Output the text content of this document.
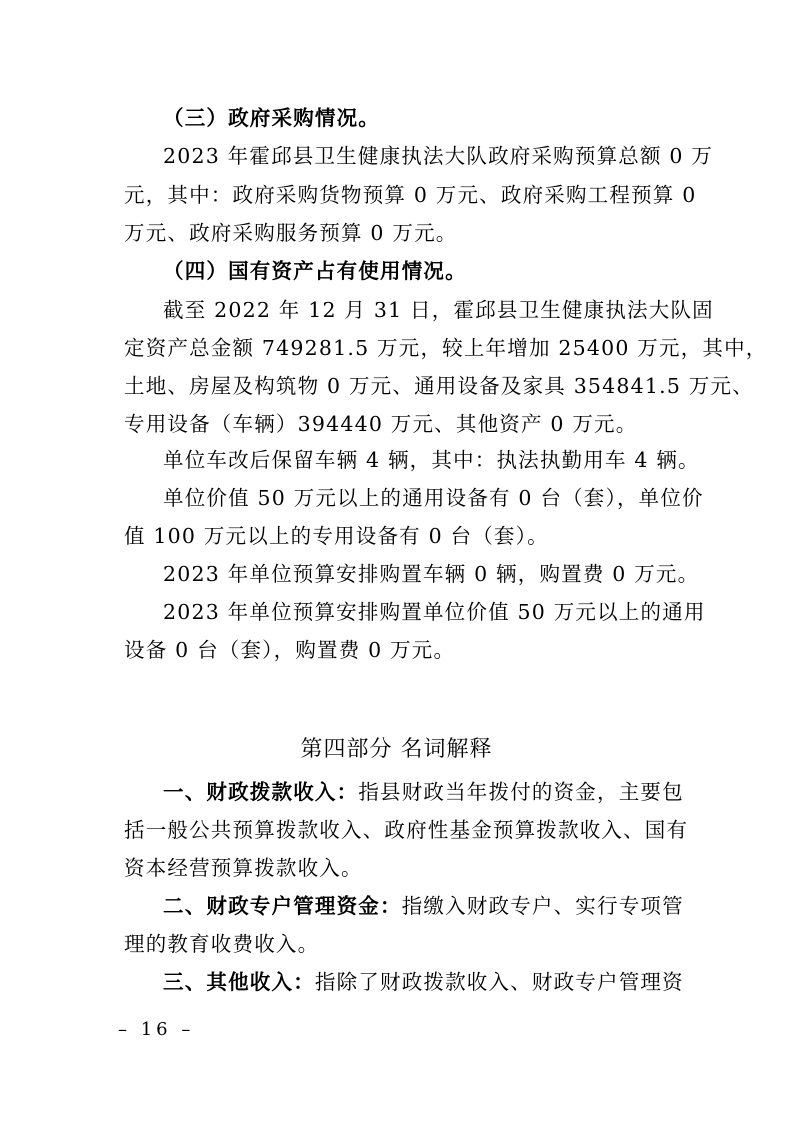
（三）政府采购情况。
2023 年霍邱县卫生健康执法大队政府采购预算总额 0 万
元，其中：政府采购货物预算 0 万元、政府采购工程预算 0
万元、政府采购服务预算 0 万元。
（四）国有资产占有使用情况。
截至 2022 年 12 月 31 日，霍邱县卫生健康执法大队固
定资产总金额 749281.5 万元，较上年增加 25400 万元，其中，
土地、房屋及构筑物 0 万元、通用设备及家具 354841.5 万元、
专用设备（车辆）394440 万元、其他资产 0 万元。
单位车改后保留车辆 4 辆，其中：执法执勤用车 4 辆。
单位价值 50 万元以上的通用设备有 0 台（套），单位价
值 100 万元以上的专用设备有 0 台（套）。
2023 年单位预算安排购置车辆 0 辆，购置费 0 万元。
2023 年单位预算安排购置单位价值 50 万元以上的通用
设备 0 台（套），购置费 0 万元。
第四部分 名词解释
一、财政拨款收入：指县财政当年拨付的资金，主要包
括一般公共预算拨款收入、政府性基金预算拨款收入、国有
资本经营预算拨款收入。
二、财政专户管理资金：指缴入财政专户、实行专项管
理的教育收费收入。
三、其他收入：指除了财政拨款收入、财政专户管理资
– 16 –
